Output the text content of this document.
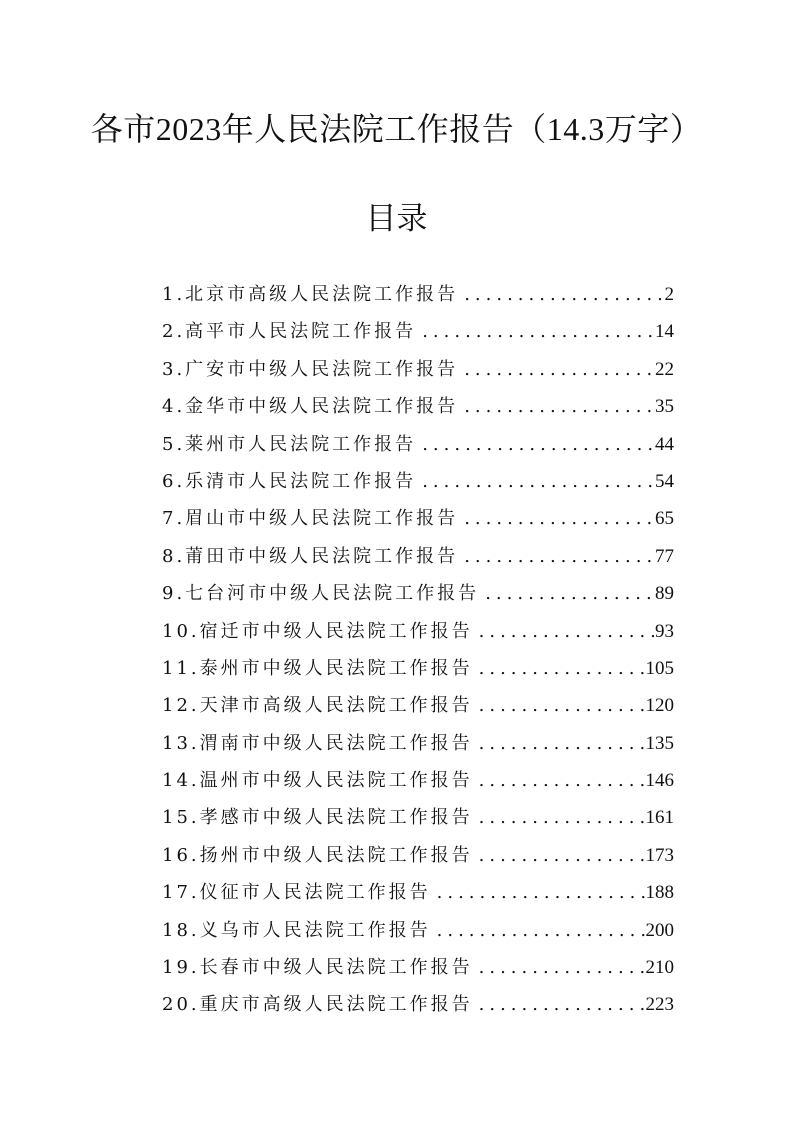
各市2023年人民法院工作报告（14.3万字）
目录
1.北京市高级人民法院工作报告 .....	2
2.高平市人民法院工作报告 .....	14
3.广安市中级人民法院工作报告 .....	22
4.金华市中级人民法院工作报告 .....	35
5.莱州市人民法院工作报告 .....	44
6.乐清市人民法院工作报告 .....	54
7.眉山市中级人民法院工作报告 .....	65
8.莆田市中级人民法院工作报告 .....	77
9.七台河市中级人民法院工作报告 .....	89
10.宿迁市中级人民法院工作报告 .....	93
11.泰州市中级人民法院工作报告 .....	105
12.天津市高级人民法院工作报告 .....	120
13.渭南市中级人民法院工作报告 .....	135
14.温州市中级人民法院工作报告 .....	146
15.孝感市中级人民法院工作报告 .....	161
16.扬州市中级人民法院工作报告 .....	173
17.仪征市人民法院工作报告 .....	188
18.义乌市人民法院工作报告 .....	200
19.长春市中级人民法院工作报告 .....	210
20.重庆市高级人民法院工作报告 .....	223
